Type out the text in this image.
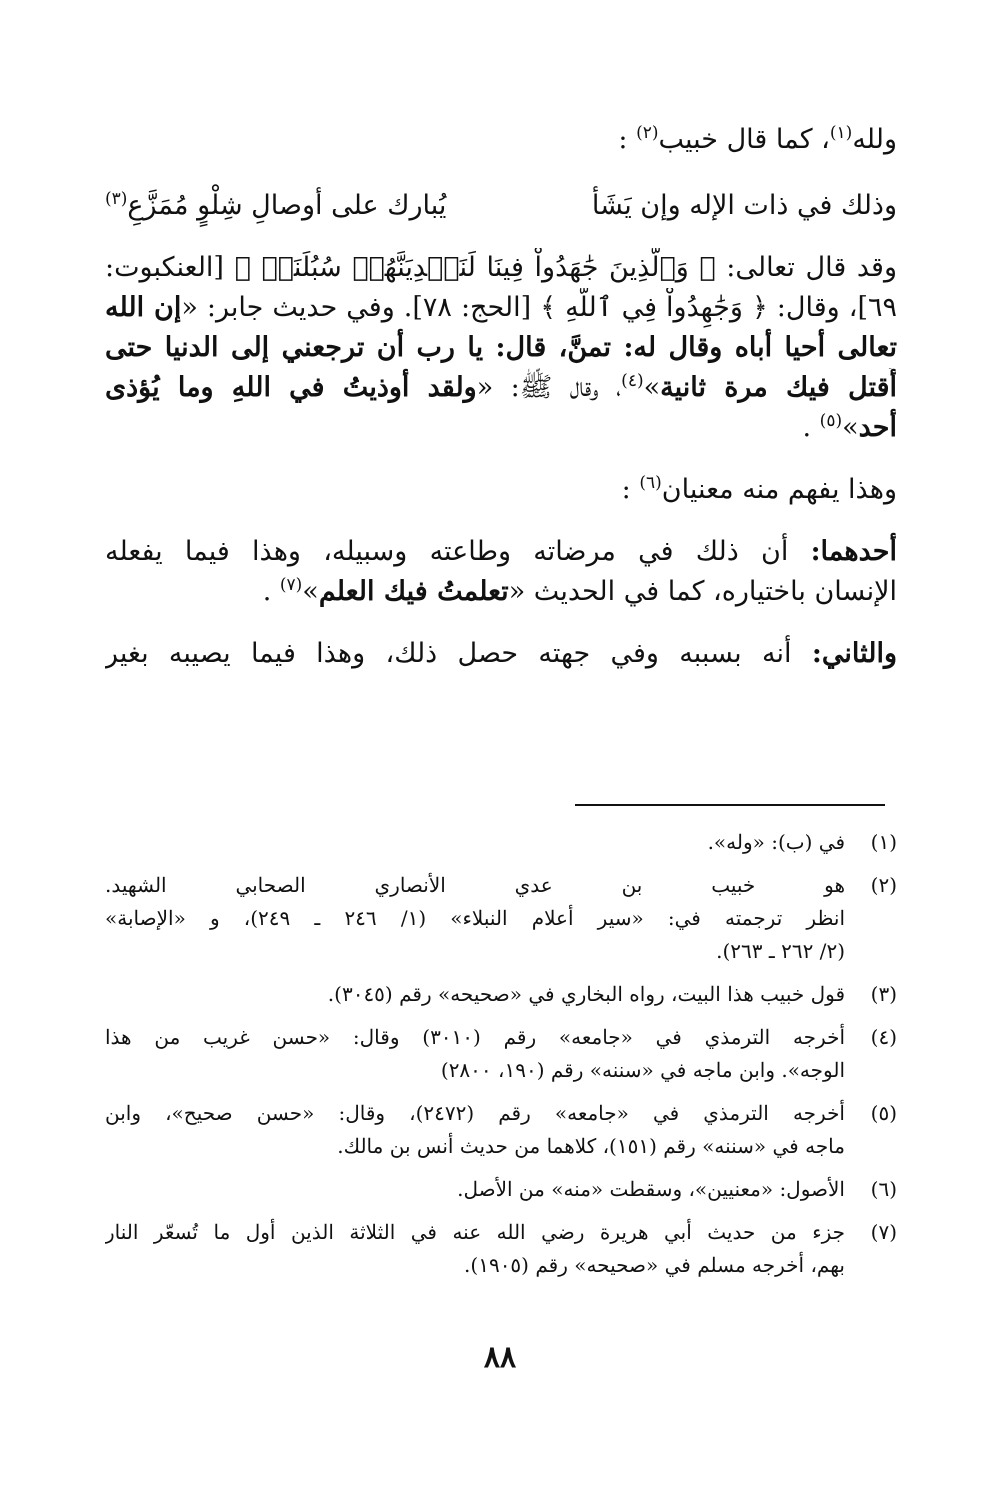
ولله$^{(١)}$، كما قال خبيب$^{(٢)}$ :
وذلك في ذات الإله وإن يَشَأ
يُبارك على أوصالِ شِلْوٍ مُمَزَّعِ$^{(٣)}$
وقد قال تعالى: ﴿ وَٱلَّذِينَ جَٰهَدُواْ فِينَا لَنَهۡدِيَنَّهُمۡ سُبُلَنَاۚ ﴾ [العنكبوت:
٦٩]، وقال: ﴿ وَجَٰهِدُواْ فِي ٱللَّهِ ﴾ [الحج: ٧٨]. وفي حديث جابر: «إن الله
تعالى أحيا أباه وقال له: تمنَّ، قال: يا رب أن ترجعني إلى الدنيا حتى
أُقتل فيك مرة ثانية»$^{(٤)}$، وقال ﷺ: «ولقد أوذيتُ في اللهِ وما يُؤذى
أحد»$^{(٥)}$ .
وهذا يفهم منه معنيان$^{(٦)}$ :
أحدهما: أن ذلك في مرضاته وطاعته وسبيله، وهذا فيما يفعله
الإنسان باختياره، كما في الحديث «تعلمتُ فيك العلم»$^{(٧)}$ .
والثاني: أنه بسببه وفي جهته حصل ذلك، وهذا فيما يصيبه بغير
(١)
في (ب): «وله».
(٢)
هو خبيب بن عدي الأنصاري الصحابي الشهيد.
انظر ترجمته في: «سير أعلام النبلاء» (١/ ٢٤٦ ـ ٢٤٩)، و «الإصابة»
(٢/ ٢٦٢ ـ ٢٦٣).
(٣)
قول خبيب هذا البيت، رواه البخاري في «صحيحه» رقم (٣٠٤٥).
(٤)
أخرجه الترمذي في «جامعه» رقم (٣٠١٠) وقال: «حسن غريب من هذا
الوجه». وابن ماجه في «سننه» رقم (١٩٠، ٢٨٠٠)
(٥)
أخرجه الترمذي في «جامعه» رقم (٢٤٧٢)، وقال: «حسن صحيح»، وابن
ماجه في «سننه» رقم (١٥١)، كلاهما من حديث أنس بن مالك.
(٦)
الأصول: «معنيين»، وسقطت «منه» من الأصل.
(٧)
جزء من حديث أبي هريرة رضي الله عنه في الثلاثة الذين أول ما تُسعّر النار
بهم، أخرجه مسلم في «صحيحه» رقم (١٩٠٥).
٨٨
